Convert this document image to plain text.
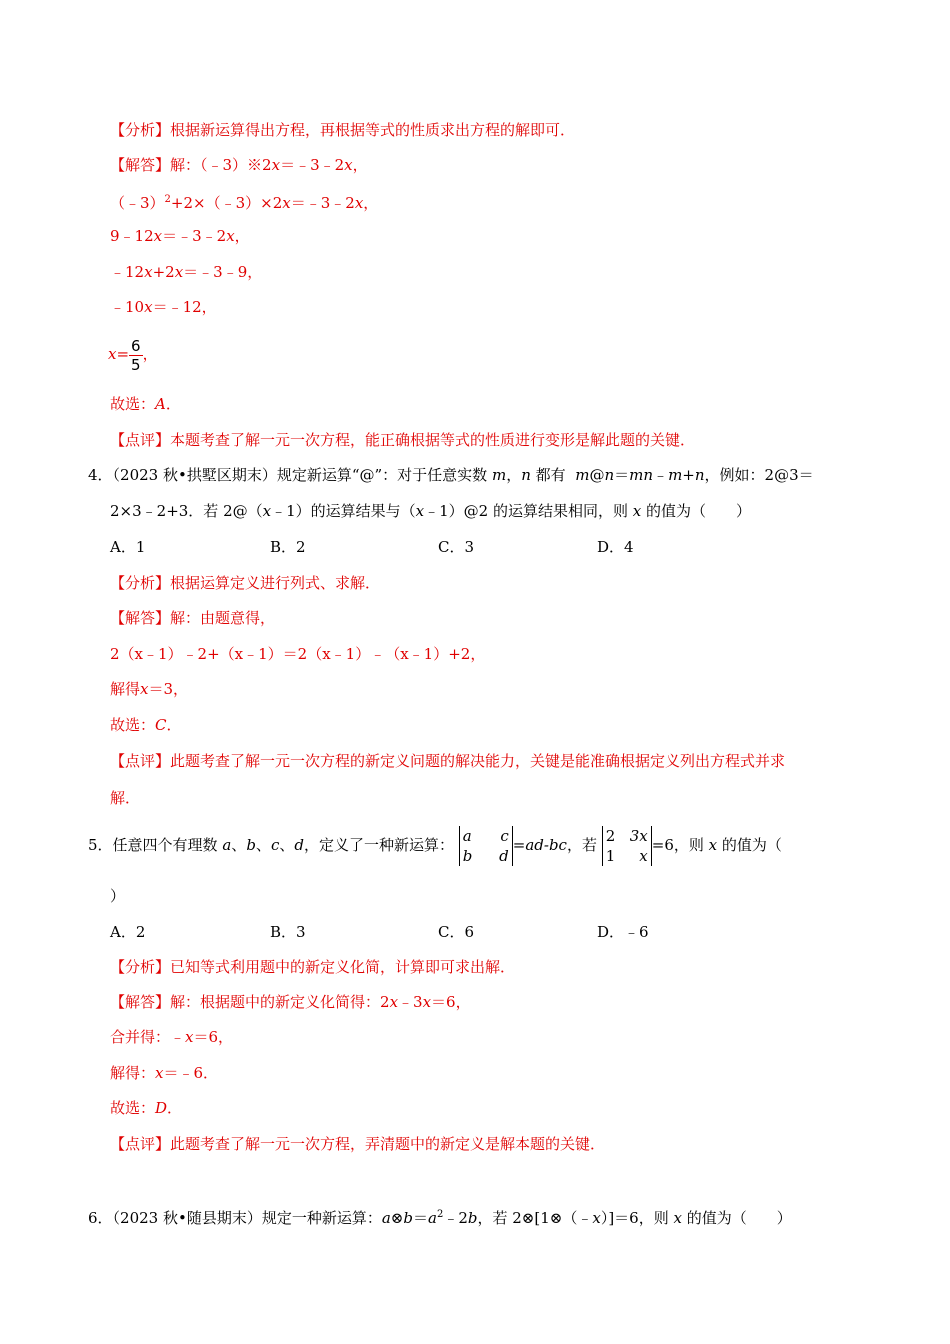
【分析】根据新运算得出方程，再根据等式的性质求出方程的解即可．
【解答】解：（﹣3）※2x＝﹣3﹣2x，
（﹣3）$^2$+2×（﹣3）×2x＝﹣3﹣2x，
9﹣12x＝﹣3﹣2x，
﹣12x+2x＝﹣3﹣9，
﹣10x＝﹣12，
$x= \frac{6}{5}$ ，
故选：A．
【点评】本题考查了解一元一次方程，能正确根据等式的性质进行变形是解此题的关键．
4．（2023 秋•拱墅区期末）规定新运算“@”：对于任意实数 m，n 都有 m@n＝mn﹣m+n，例如：2@3＝
2×3﹣2+3．若 2@（x﹣1）的运算结果与（x﹣1）@2 的运算结果相同，则 x 的值为（　　）
A．1	B．2	C．3	D．4
【分析】根据运算定义进行列式、求解．
【解答】解：由题意得，
2（x﹣1）﹣2+（x﹣1）＝2（x﹣1）﹣（x﹣1）+2，
解得x＝3，
故选：C．
【点评】此题考查了解一元一次方程的新定义问题的解决能力，关键是能准确根据定义列出方程式并求
解．
5．任意四个有理数 a、b、c、d，定义了一种新运算： a c
b d
=ad-bc，若 2 3x
1 x
=6，则 x 的值为（
）
A．2	B．3	C．6	D．﹣6
【分析】已知等式利用题中的新定义化简，计算即可求出解．
【解答】解：根据题中的新定义化简得：2x﹣3x＝6，
合并得：﹣x＝6，
解得：x＝﹣6．
故选：D．
【点评】此题考查了解一元一次方程，弄清题中的新定义是解本题的关键．
6．（2023 秋•随县期末）规定一种新运算：$a\otimes b=a^2﹣2b$，若 2⊗[1⊗（﹣x）]＝6，则 x 的值为（　　）
